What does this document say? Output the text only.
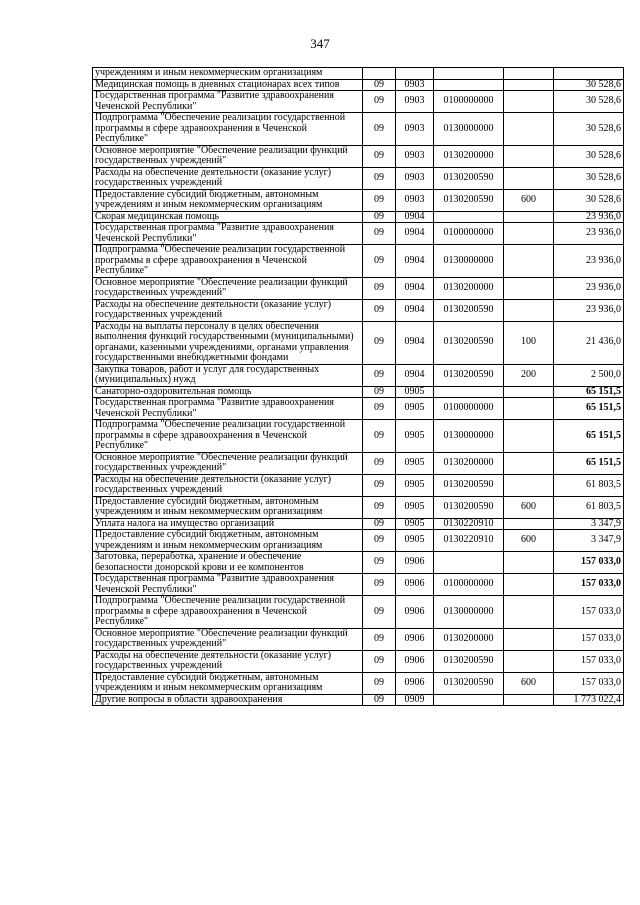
347
учреждениям и иным некоммерческим организациям					
Медицинская помощь в дневных стационарах всех типов	09	0903			30 528,6
Государственная программа "Развитие здравоохранения Чеченской Республики"	09	0903	0100000000		30 528,6
Подпрограмма "Обеспечение реализации государственной программы в сфере здравоохранения в Чеченской Республике"	09	0903	0130000000		30 528,6
Основное мероприятие "Обеспечение реализации функций государственных учреждений"	09	0903	0130200000		30 528,6
Расходы на обеспечение деятельности (оказание услуг) государственных учреждений	09	0903	0130200590		30 528,6
Предоставление субсидий бюджетным, автономным учреждениям и иным некоммерческим организациям	09	0903	0130200590	600	30 528,6
Скорая медицинская помощь	09	0904			23 936,0
Государственная программа "Развитие здравоохранения Чеченской Республики"	09	0904	0100000000		23 936,0
Подпрограмма "Обеспечение реализации государственной программы в сфере здравоохранения в Чеченской Республике"	09	0904	0130000000		23 936,0
Основное мероприятие "Обеспечение реализации функций государственных учреждений"	09	0904	0130200000		23 936,0
Расходы на обеспечение деятельности (оказание услуг) государственных учреждений	09	0904	0130200590		23 936,0
Расходы на выплаты персоналу в целях обеспечения выполнения функций государственными (муниципальными) органами, казенными учреждениями, органами управления государственными внебюджетными фондами	09	0904	0130200590	100	21 436,0
Закупка товаров, работ и услуг для государственных (муниципальных) нужд	09	0904	0130200590	200	2 500,0
Санаторно-оздоровительная помощь	09	0905			65 151,5
Государственная программа "Развитие здравоохранения Чеченской Республики"	09	0905	0100000000		65 151,5
Подпрограмма "Обеспечение реализации государственной программы в сфере здравоохранения в Чеченской Республике"	09	0905	0130000000		65 151,5
Основное мероприятие "Обеспечение реализации функций государственных учреждений"	09	0905	0130200000		65 151,5
Расходы на обеспечение деятельности (оказание услуг) государственных учреждений	09	0905	0130200590		61 803,5
Предоставление субсидий бюджетным, автономным учреждениям и иным некоммерческим организациям	09	0905	0130200590	600	61 803,5
Уплата налога на имущество организаций	09	0905	0130220910		3 347,9
Предоставление субсидий бюджетным, автономным учреждениям и иным некоммерческим организациям	09	0905	0130220910	600	3 347,9
Заготовка, переработка, хранение и обеспечение безопасности донорской крови и ее компонентов	09	0906			157 033,0
Государственная программа "Развитие здравоохранения Чеченской Республики"	09	0906	0100000000		157 033,0
Подпрограмма "Обеспечение реализации государственной программы в сфере здравоохранения в Чеченской Республике"	09	0906	0130000000		157 033,0
Основное мероприятие "Обеспечение реализации функций государственных учреждений"	09	0906	0130200000		157 033,0
Расходы на обеспечение деятельности (оказание услуг) государственных учреждений	09	0906	0130200590		157 033,0
Предоставление субсидий бюджетным, автономным учреждениям и иным некоммерческим организациям	09	0906	0130200590	600	157 033,0
Другие вопросы в области здравоохранения	09	0909			1 773 022,4
